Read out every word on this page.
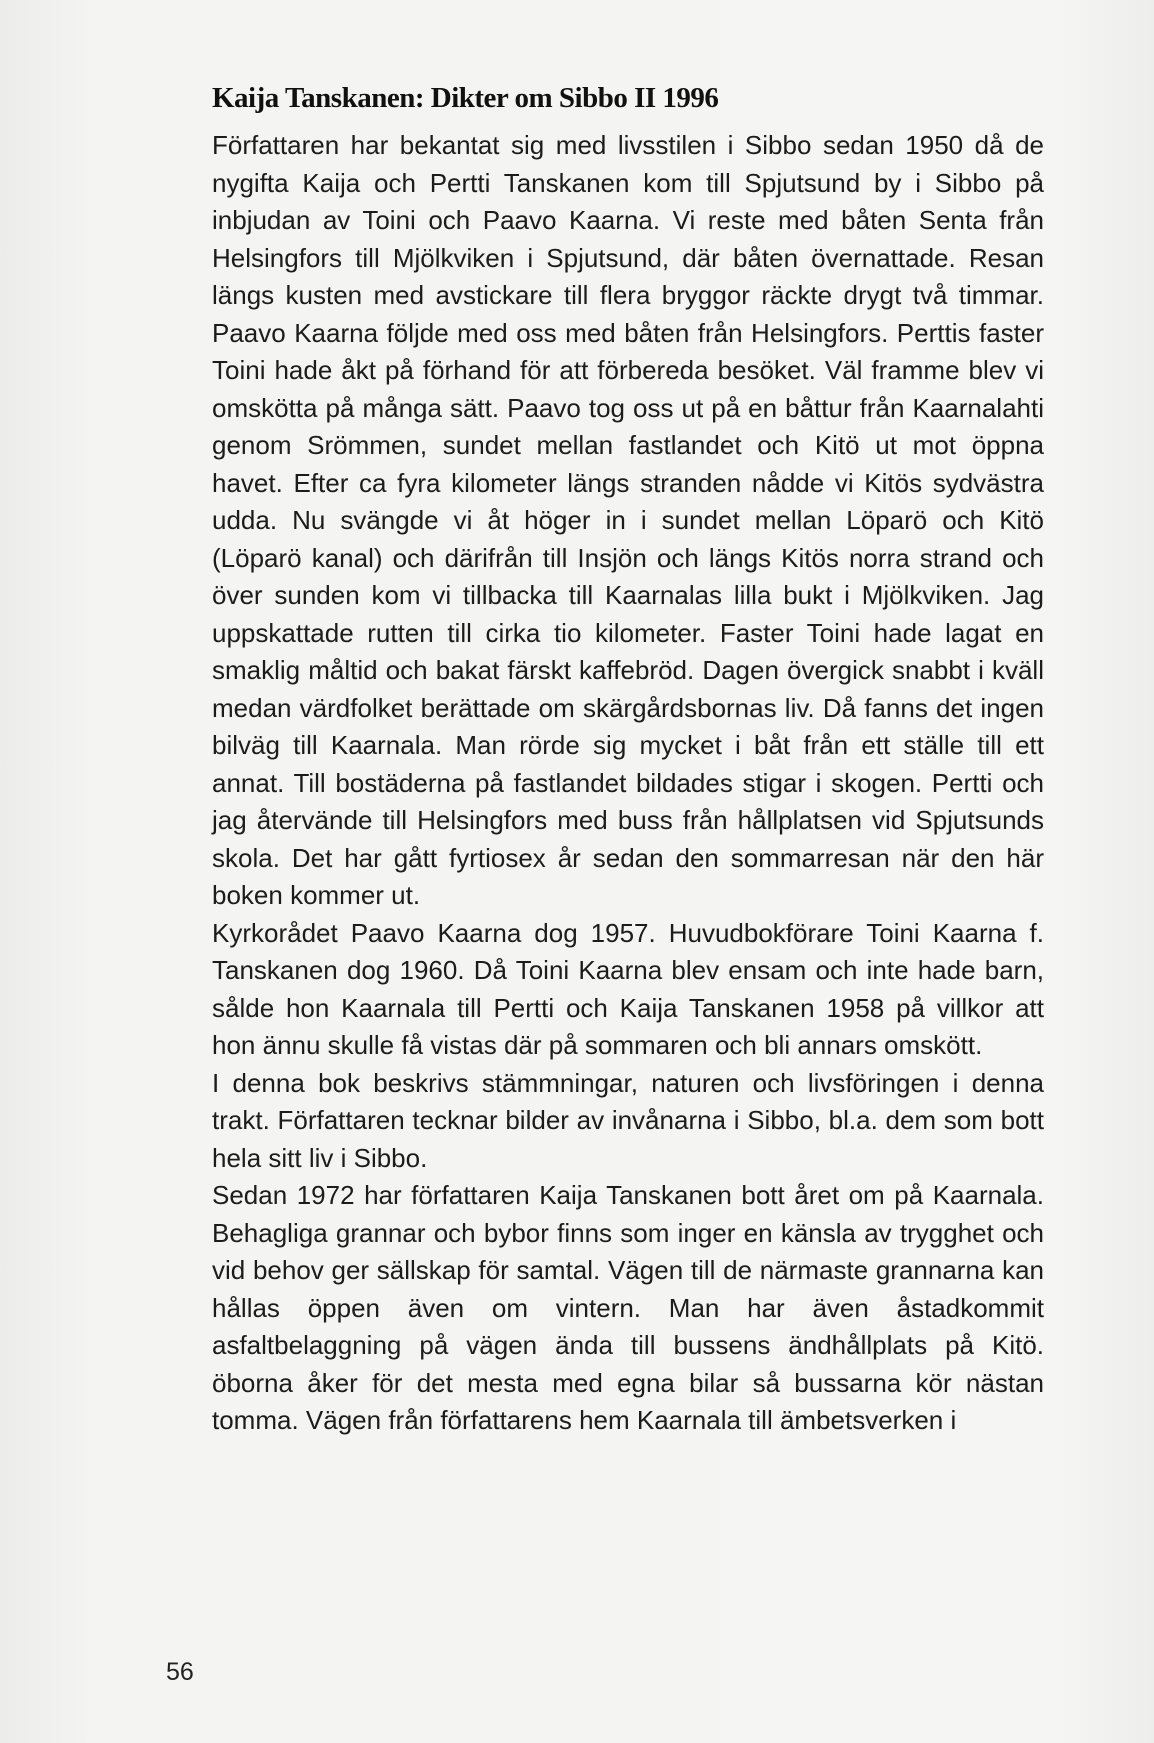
Kaija Tanskanen: Dikter om Sibbo II 1996

Författaren har bekantat sig med livsstilen i Sibbo sedan 1950 då de nygifta Kaija och Pertti Tanskanen kom till Spjutsund by i Sibbo på inbjudan av Toini och Paavo Kaarna. Vi reste med båten Senta från Helsingfors till Mjölkviken i Spjutsund, där båten övernattade. Resan längs kusten med avstickare till flera bryggor räckte drygt två timmar. Paavo Kaarna följde med oss med båten från Helsingfors. Perttis faster Toini hade åkt på förhand för att förbereda besöket. Väl framme blev vi omskötta på många sätt. Paavo tog oss ut på en båttur från Kaarnalahti genom Srömmen, sundet mellan fastlandet och Kitö ut mot öppna havet. Efter ca fyra kilometer längs stranden nådde vi Kitös sydvästra udda. Nu svängde vi åt höger in i sundet mellan Löparö och Kitö (Löparö kanal) och därifrån till Insjön och längs Kitös norra strand och över sunden kom vi tillbacka till Kaarnalas lilla bukt i Mjölkviken. Jag uppskattade rutten till cirka tio kilometer. Faster Toini hade lagat en smaklig måltid och bakat färskt kaffebröd. Dagen övergick snabbt i kväll medan värdfolket berättade om skärgårdsbornas liv. Då fanns det ingen bilväg till Kaarnala. Man rörde sig mycket i båt från ett ställe till ett annat. Till bostäderna på fastlandet bildades stigar i skogen. Pertti och jag återvände till Helsingfors med buss från hållplatsen vid Spjutsunds skola. Det har gått fyrtiosex år sedan den sommarresan när den här boken kommer ut.

Kyrkorådet Paavo Kaarna dog 1957. Huvudbokförare Toini Kaarna f. Tanskanen dog 1960. Då Toini Kaarna blev ensam och inte hade barn, sålde hon Kaarnala till Pertti och Kaija Tanskanen 1958 på villkor att hon ännu skulle få vistas där på sommaren och bli annars omskött.

I denna bok beskrivs stämmningar, naturen och livsföringen i denna trakt. Författaren tecknar bilder av invånarna i Sibbo, bl.a. dem som bott hela sitt liv i Sibbo.

Sedan 1972 har författaren Kaija Tanskanen bott året om på Kaarnala. Behagliga grannar och bybor finns som inger en känsla av trygghet och vid behov ger sällskap för samtal. Vägen till de närmaste grannarna kan hållas öppen även om vintern. Man har även åstadkommit asfaltbelaggning på vägen ända till bussens ändhållplats på Kitö. öborna åker för det mesta med egna bilar så bussarna kör nästan tomma. Vägen från författarens hem Kaarnala till ämbetsverken i

56
